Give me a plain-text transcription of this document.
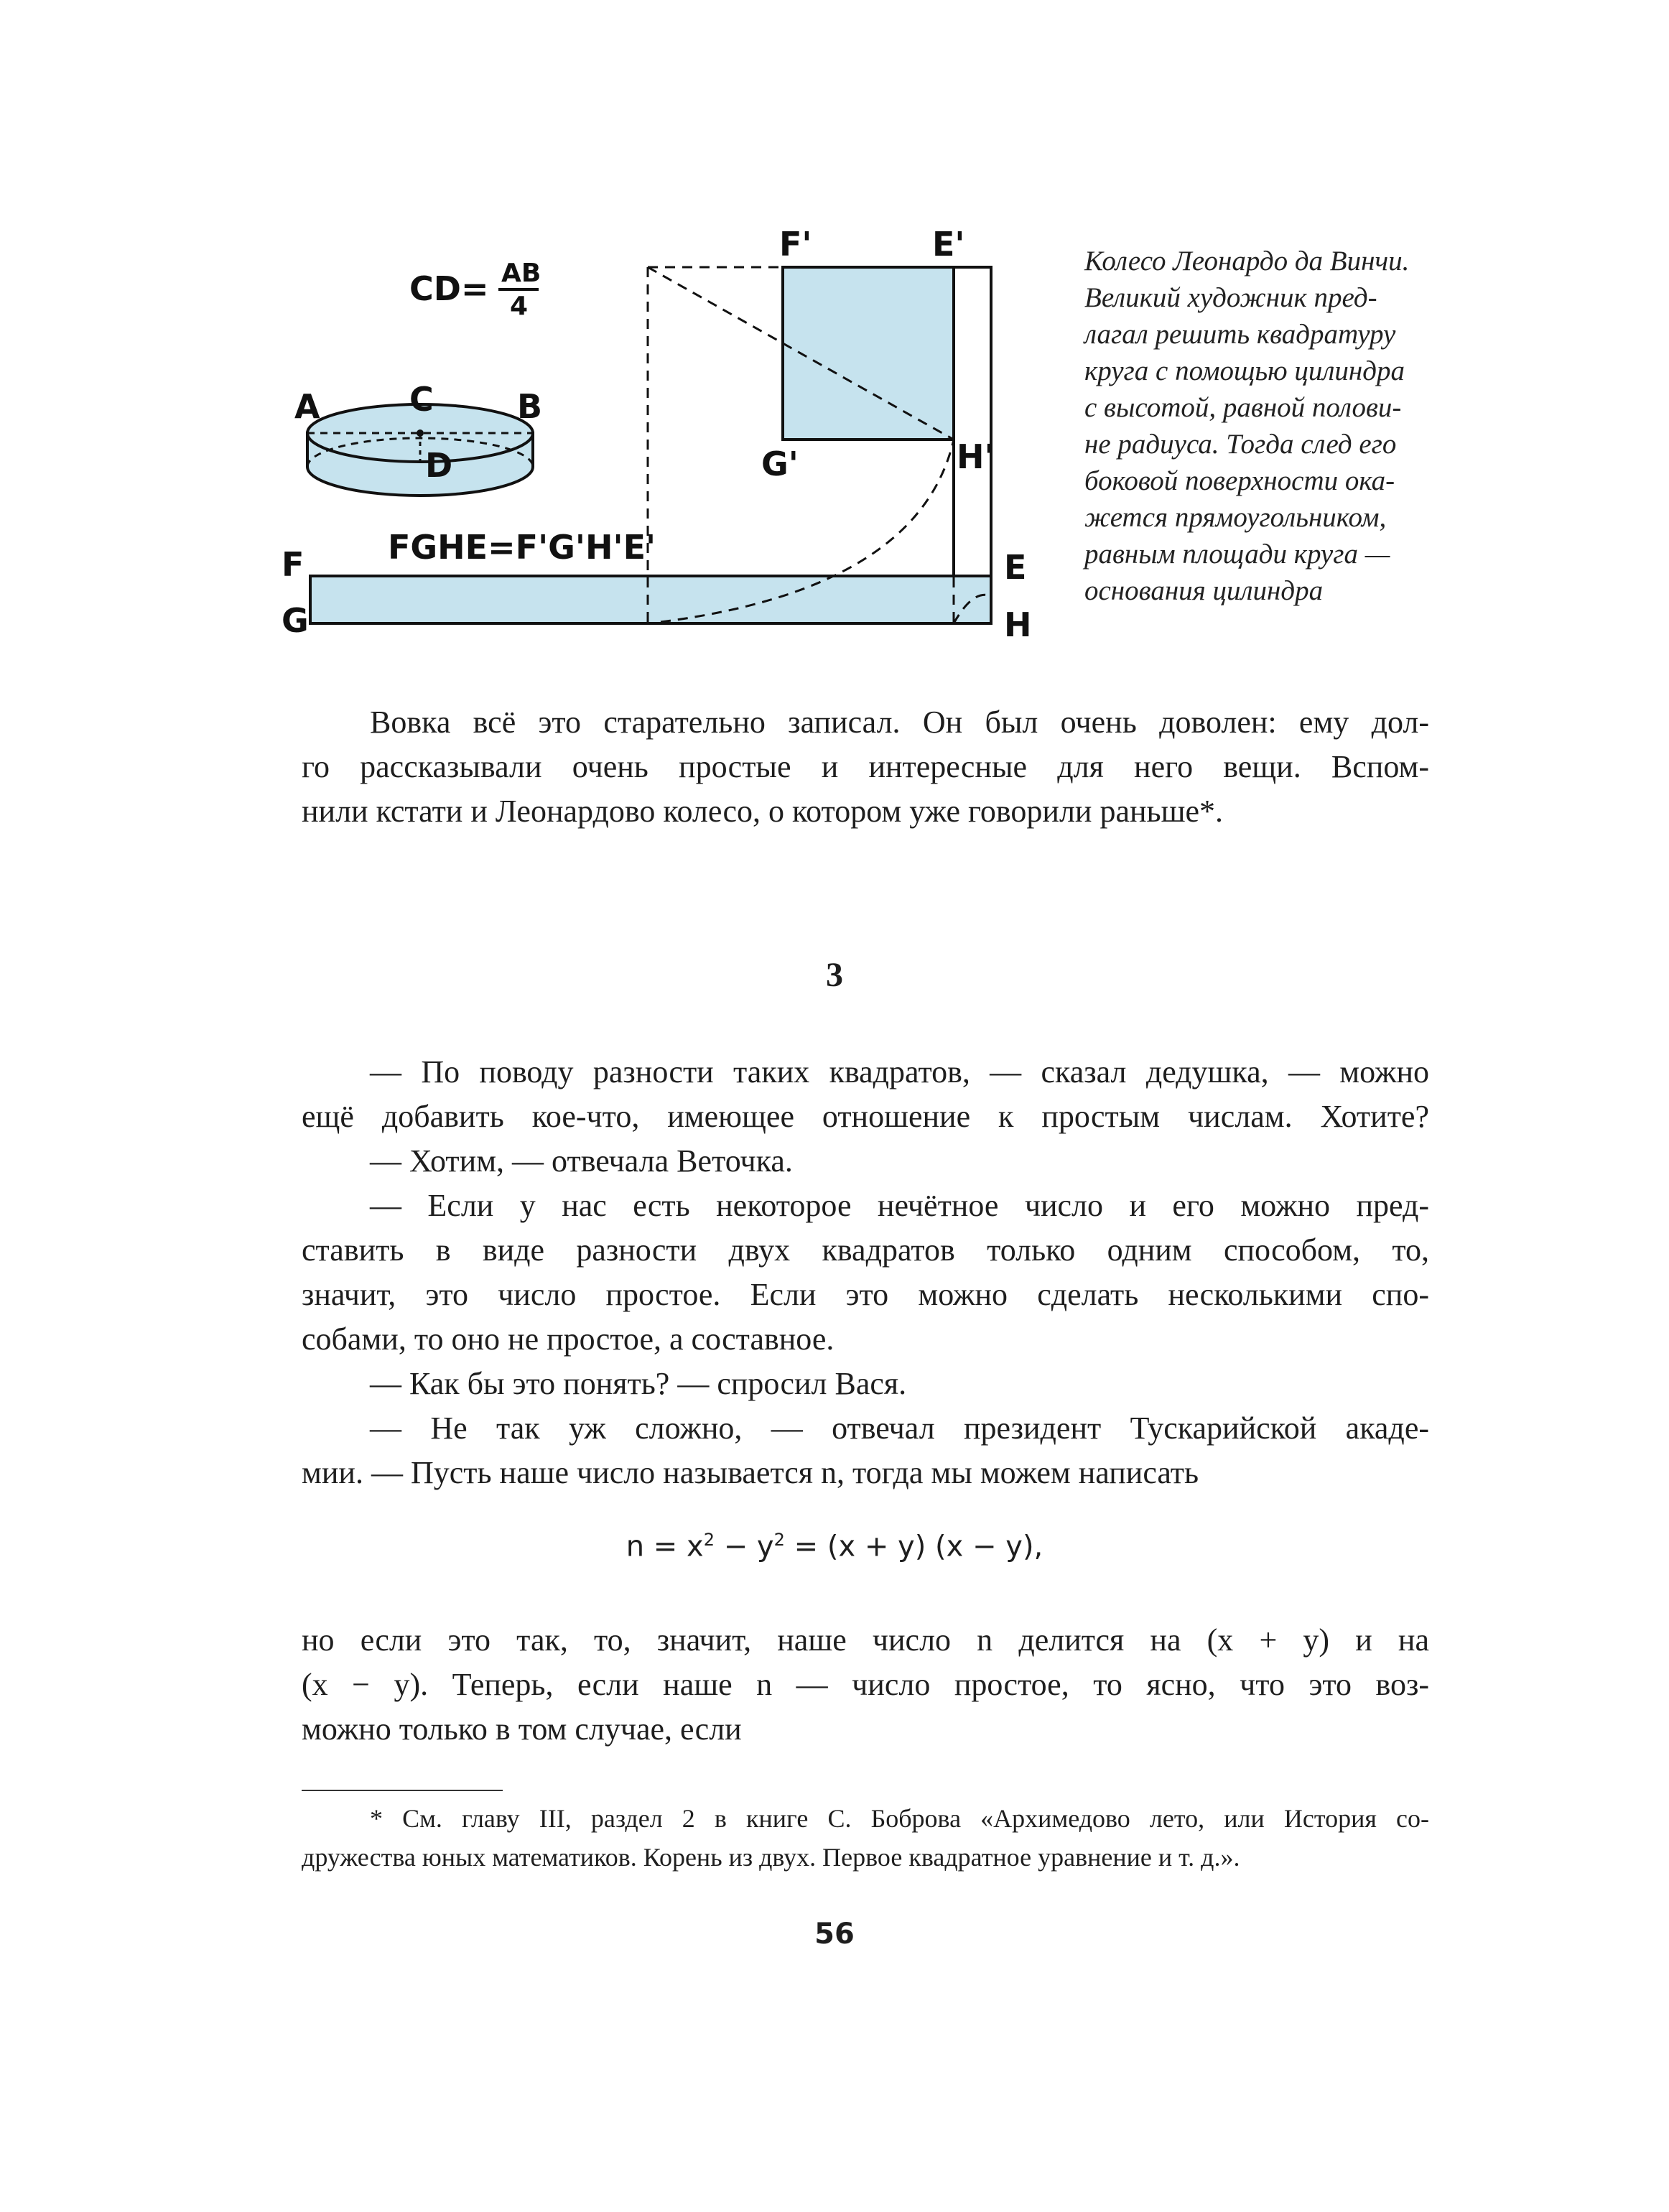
CD= AB
4
A	C	B
D
FGHE=F'G'H'E'
F'	E'
G'	H'
F
G
E
H
Колесо Леонардо да Винчи.
Великий художник пред-
лагал решить квадратуру
круга с помощью цилиндра
с высотой, равной полови-
не радиуса. Тогда след его
боковой поверхности ока-
жется прямоугольником,
равным площади круга —
основания цилиндра
Вовка всё это старательно записал. Он был очень доволен: ему дол-
го рассказывали очень простые и интересные для него вещи. Вспом-
нили кстати и Леонардово колесо, о котором уже говорили раньше*.
3
— По поводу разности таких квадратов, — сказал дедушка, — можно
ещё добавить кое-что, имеющее отношение к простым числам. Хотите?
— Хотим, — отвечала Веточка.
— Если у нас есть некоторое нечётное число и его можно пред-
ставить в виде разности двух квадратов только одним способом, то,
значит, это число простое. Если это можно сделать несколькими спо-
собами, то оно не простое, а составное.
— Как бы это понять? — спросил Вася.
— Не так уж сложно, — отвечал президент Тускарийской акаде-
мии. — Пусть наше число называется n, тогда мы можем написать
$n = x^2 - y^2 = (x + y) (x - y)$,
но если это так, то, значит, наше число n делится на (x + y) и на
(x − y). Теперь, если наше n — число простое, то ясно, что это воз-
можно только в том случае, если
* См. главу III, раздел 2 в книге С. Боброва «Архимедово лето, или История со-
дружества юных математиков. Корень из двух. Первое квадратное уравнение и т. д.».
56
